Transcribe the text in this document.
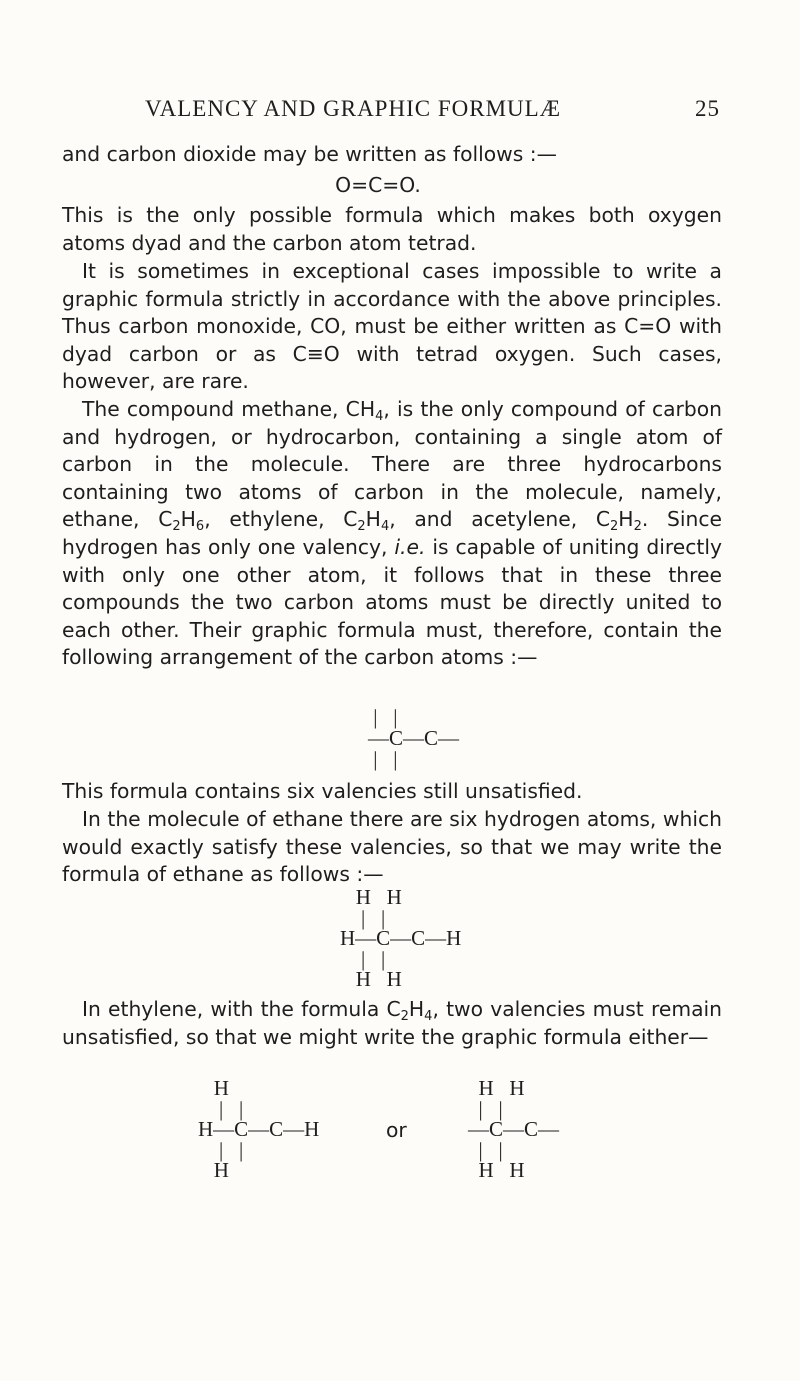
VALENCY AND GRAPHIC FORMULÆ	25
and carbon dioxide may be written as follows :—
O=C=O.
This is the only possible formula which makes both oxygen atoms dyad and the carbon atom tetrad.
It is sometimes in exceptional cases impossible to write a graphic formula strictly in accordance with the above principles. Thus carbon monoxide, CO, must be either written as C=O with dyad carbon or as C≡O with tetrad oxygen. Such cases, however, are rare.
The compound methane, $CH_4$, is the only compound of carbon and hydrogen, or hydrocarbon, containing a single atom of carbon in the molecule. There are three hydrocarbons containing two atoms of carbon in the molecule, namely, ethane, $C_2H_6$, ethylene, $C_2H_4$, and acetylene, $C_2H_2$. Since hydrogen has only one valency, i.e. is capable of uniting directly with only one other atom, it follows that in these three compounds the two carbon atoms must be directly united to each other. Their graphic formula must, therefore, contain the following arrangement of the carbon atoms :—
|   |
—C—C—
|   |
This formula contains six valencies still unsatisfied.
In the molecule of ethane there are six hydrogen atoms, which would exactly satisfy these valencies, so that we may write the formula of ethane as follows :—
H   H
|   |
H—C—C—H
|   |
H   H
In ethylene, with the formula $C_2H_4$, two valencies must remain unsatisfied, so that we might write the graphic formula either—
H
|   |
H—C—C—H
|   |
H
or
H   H
|   |
—C—C—
|   |
H   H
